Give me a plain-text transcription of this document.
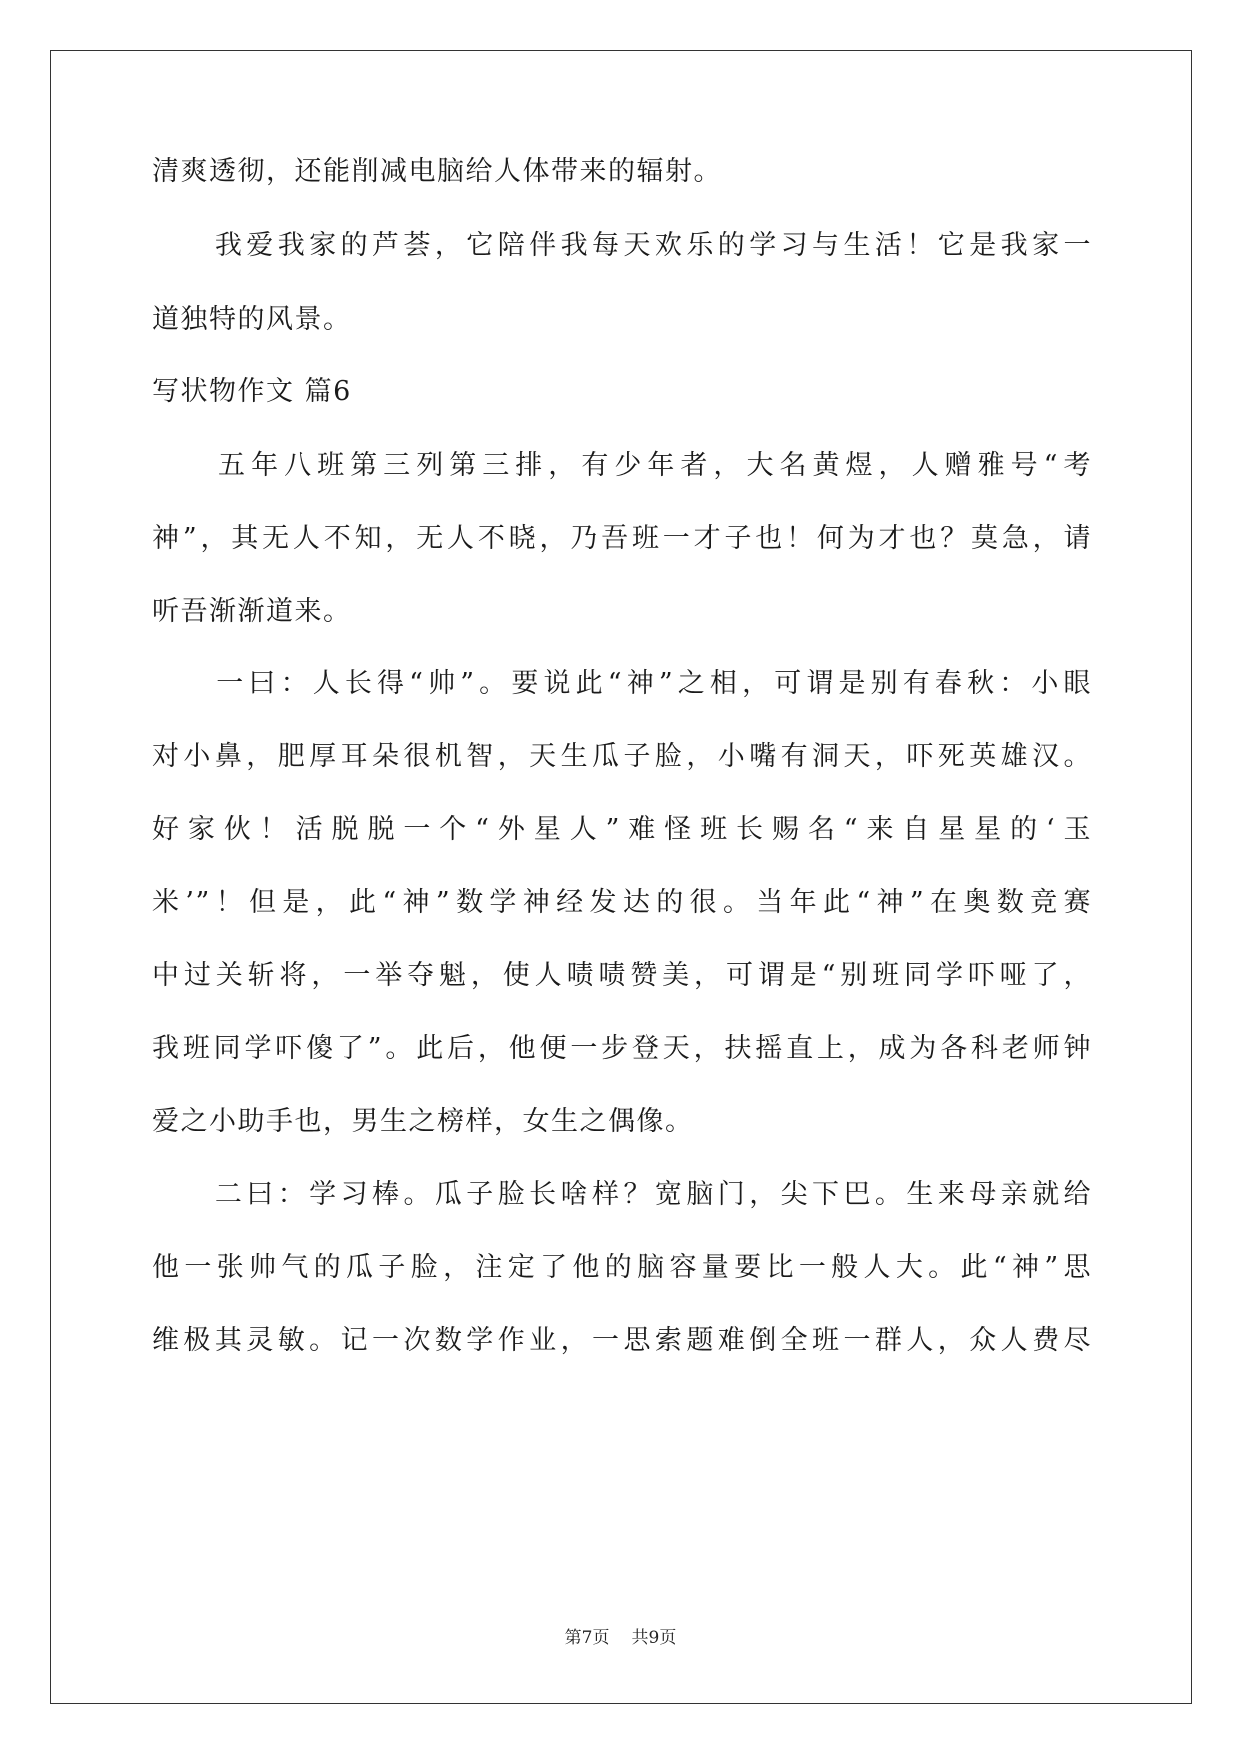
清爽透彻，还能削减电脑给人体带来的辐射。
　　我爱我家的芦荟，它陪伴我每天欢乐的学习与生活！它是我家一
道独特的风景。
写状物作文 篇6
　　五年八班第三列第三排，有少年者，大名黄煜，人赠雅号“考
神”，其无人不知，无人不晓，乃吾班一才子也！何为才也？莫急，请
听吾渐渐道来。
　　一曰：人长得“帅”。要说此“神”之相，可谓是别有春秋：小眼
对小鼻，肥厚耳朵很机智，天生瓜子脸，小嘴有洞天，吓死英雄汉。
好家伙！活脱脱一个“外星人”难怪班长赐名“来自星星的‘玉
米’”！但是，此“神”数学神经发达的很。当年此“神”在奥数竞赛
中过关斩将，一举夺魁，使人啧啧赞美，可谓是“别班同学吓哑了，
我班同学吓傻了”。此后，他便一步登天，扶摇直上，成为各科老师钟
爱之小助手也，男生之榜样，女生之偶像。
　　二曰：学习棒。瓜子脸长啥样？宽脑门，尖下巴。生来母亲就给
他一张帅气的瓜子脸，注定了他的脑容量要比一般人大。此“神”思
维极其灵敏。记一次数学作业，一思索题难倒全班一群人，众人费尽
第7页 共9页
